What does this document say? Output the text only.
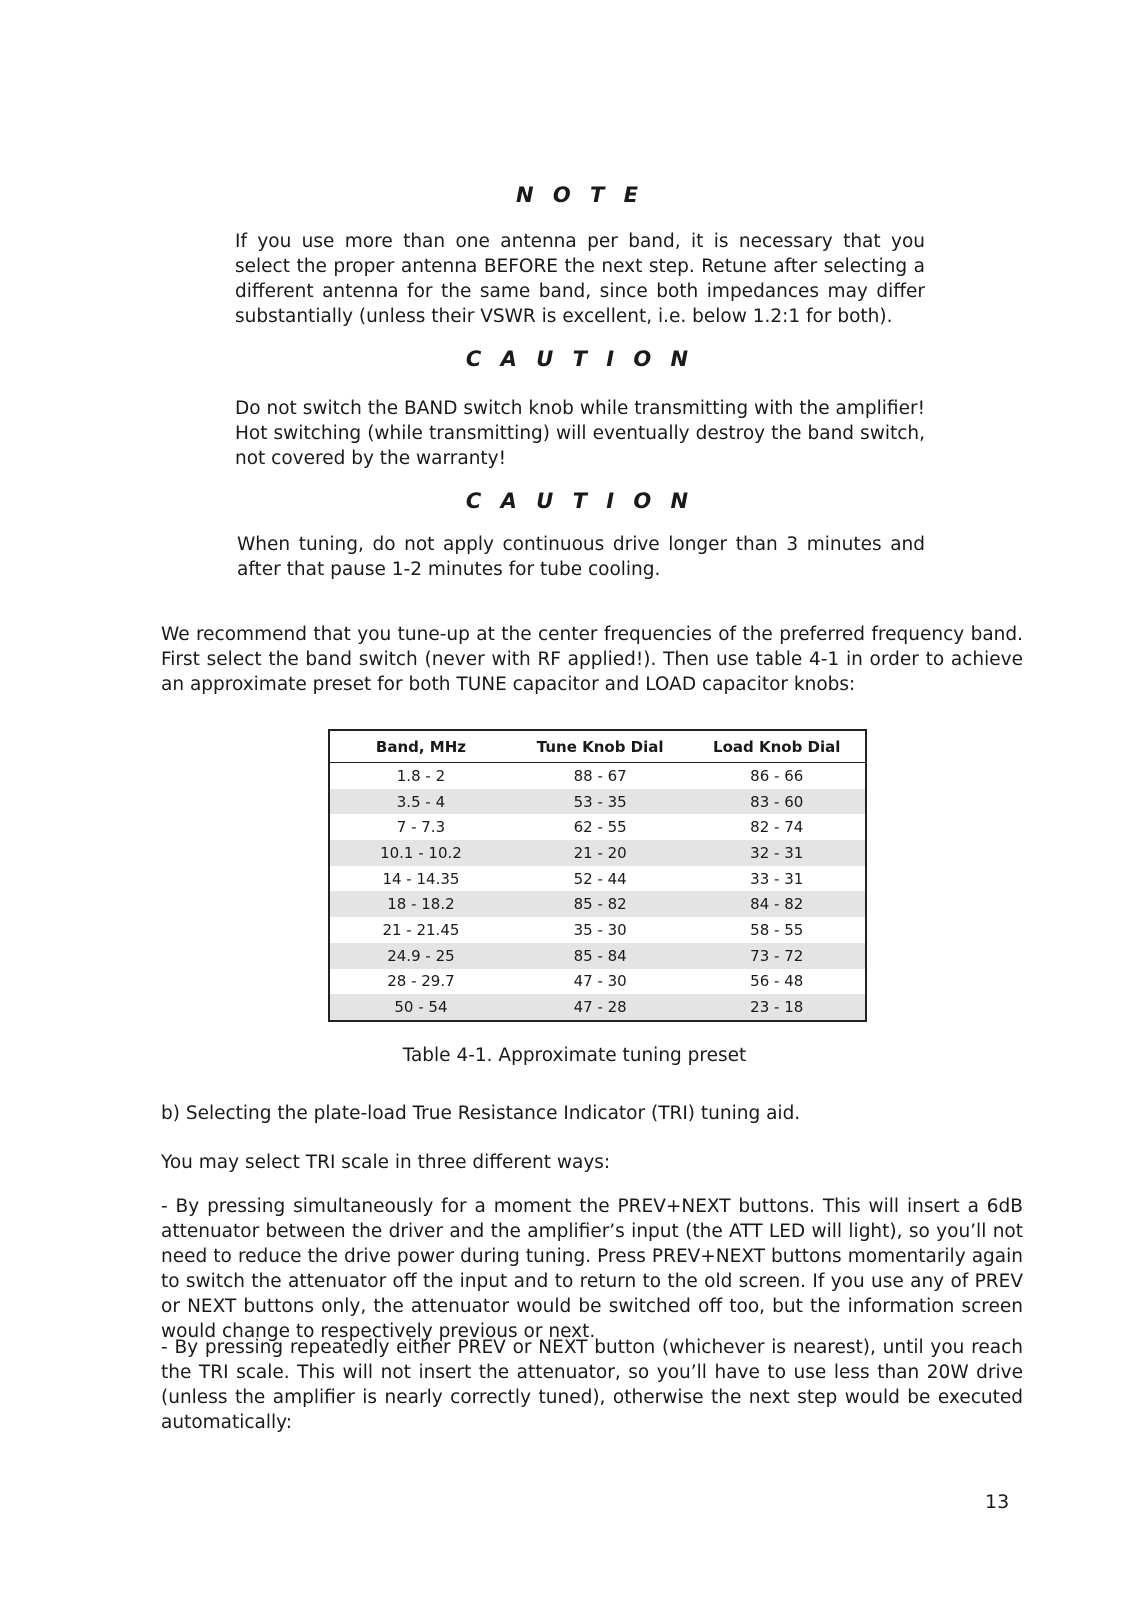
N O T E

If you use more than one antenna per band, it is necessary that you select the proper antenna BEFORE the next step. Retune after selecting a different antenna for the same band, since both impedances may differ substantially (unless their VSWR is excellent, i.e. below 1.2:1 for both).

C A U T I O N

Do not switch the BAND switch knob while transmitting with the amplifier! Hot switching (while transmitting) will eventually destroy the band switch, not covered by the warranty!

C A U T I O N

When tuning, do not apply continuous drive longer than 3 minutes and after that pause 1-2 minutes for tube cooling.

We recommend that you tune-up at the center frequencies of the preferred frequency band. First select the band switch (never with RF applied!). Then use table 4-1 in order to achieve an approximate preset for both TUNE capacitor and LOAD capacitor knobs:

Band, MHz	Tune Knob Dial	Load Knob Dial
1.8 - 2	88 - 67	86 - 66
3.5 - 4	53 - 35	83 - 60
7 - 7.3	62 - 55	82 - 74
10.1 - 10.2	21 - 20	32 - 31
14 - 14.35	52 - 44	33 - 31
18 - 18.2	85 - 82	84 - 82
21 - 21.45	35 - 30	58 - 55
24.9 - 25	85 - 84	73 - 72
28 - 29.7	47 - 30	56 - 48
50 - 54	47 - 28	23 - 18
Table 4-1. Approximate tuning preset

b) Selecting the plate-load True Resistance Indicator (TRI) tuning aid.

You may select TRI scale in three different ways:

- By pressing simultaneously for a moment the PREV+NEXT buttons. This will insert a 6dB attenuator between the driver and the amplifier’s input (the ATT LED will light), so you’ll not need to reduce the drive power during tuning. Press PREV+NEXT buttons momentarily again to switch the attenuator off the input and to return to the old screen. If you use any of PREV or NEXT buttons only, the attenuator would be switched off too, but the information screen would change to respectively previous or next.

- By pressing repeatedly either PREV or NEXT button (whichever is nearest), until you reach the TRI scale. This will not insert the attenuator, so you’ll have to use less than 20W drive (unless the amplifier is nearly correctly tuned), otherwise the next step would be executed automatically:

13
